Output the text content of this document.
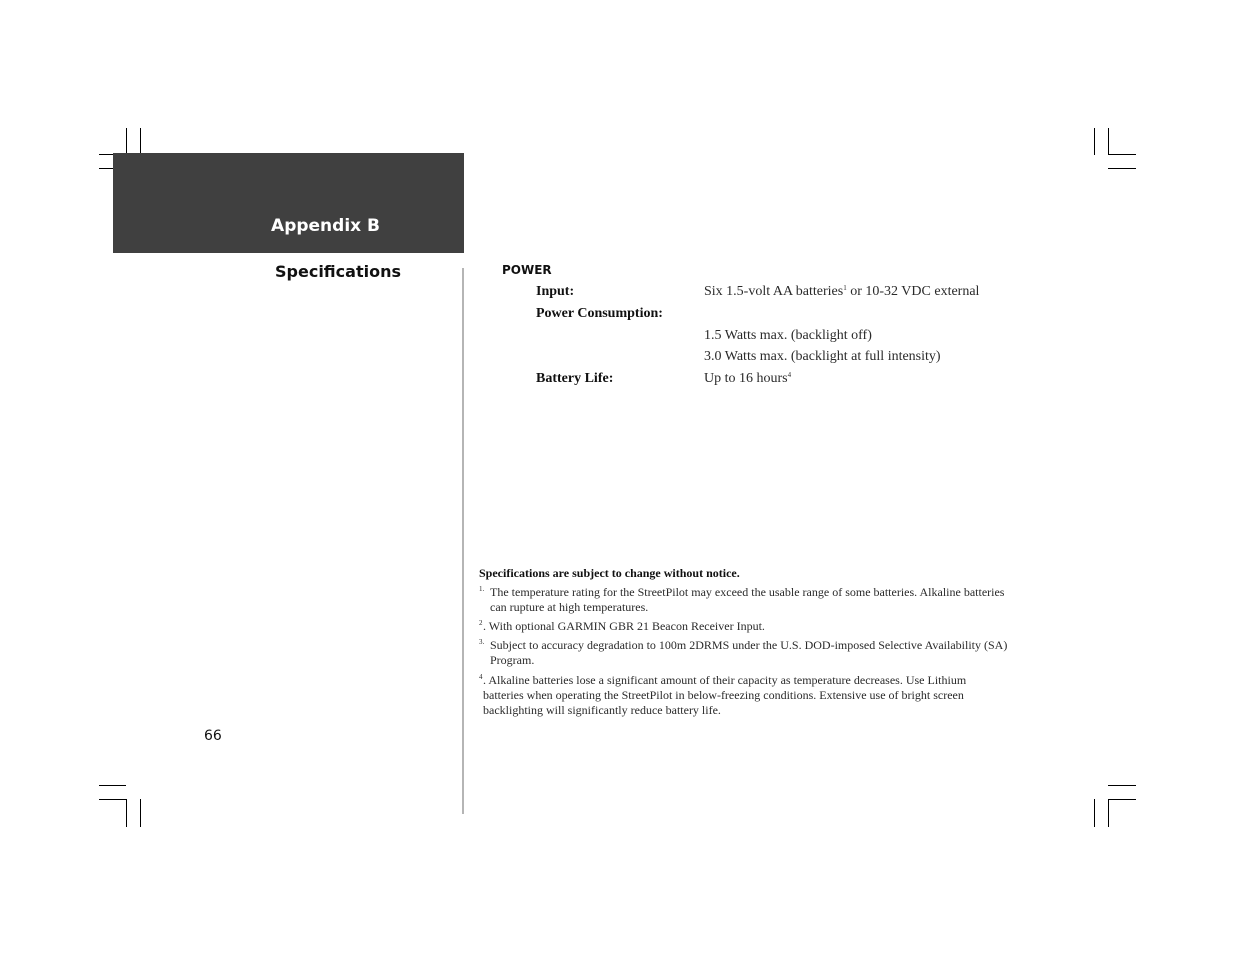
Appendix B
Specifications
66
POWER
Input:	Six 1.5-volt AA batteries$^1$ or 10-32 VDC external
Power Consumption:
1.5 Watts max. (backlight off)
3.0 Watts max. (backlight at full intensity)
Battery Life:	Up to 16 hours$^4$
Specifications are subject to change without notice.
1. The temperature rating for the StreetPilot may exceed the usable range of some batteries. Alkaline batteries can rupture at high temperatures.
2 . With optional GARMIN GBR 21 Beacon Receiver Input.
3. Subject to accuracy degradation to 100m 2DRMS under the U.S. DOD-imposed Selective Availability (SA) Program.
4 . Alkaline batteries lose a significant amount of their capacity as temperature decreases. Use Lithium batteries when operating the StreetPilot in below-freezing conditions. Extensive use of bright screen backlighting will significantly reduce battery life.
